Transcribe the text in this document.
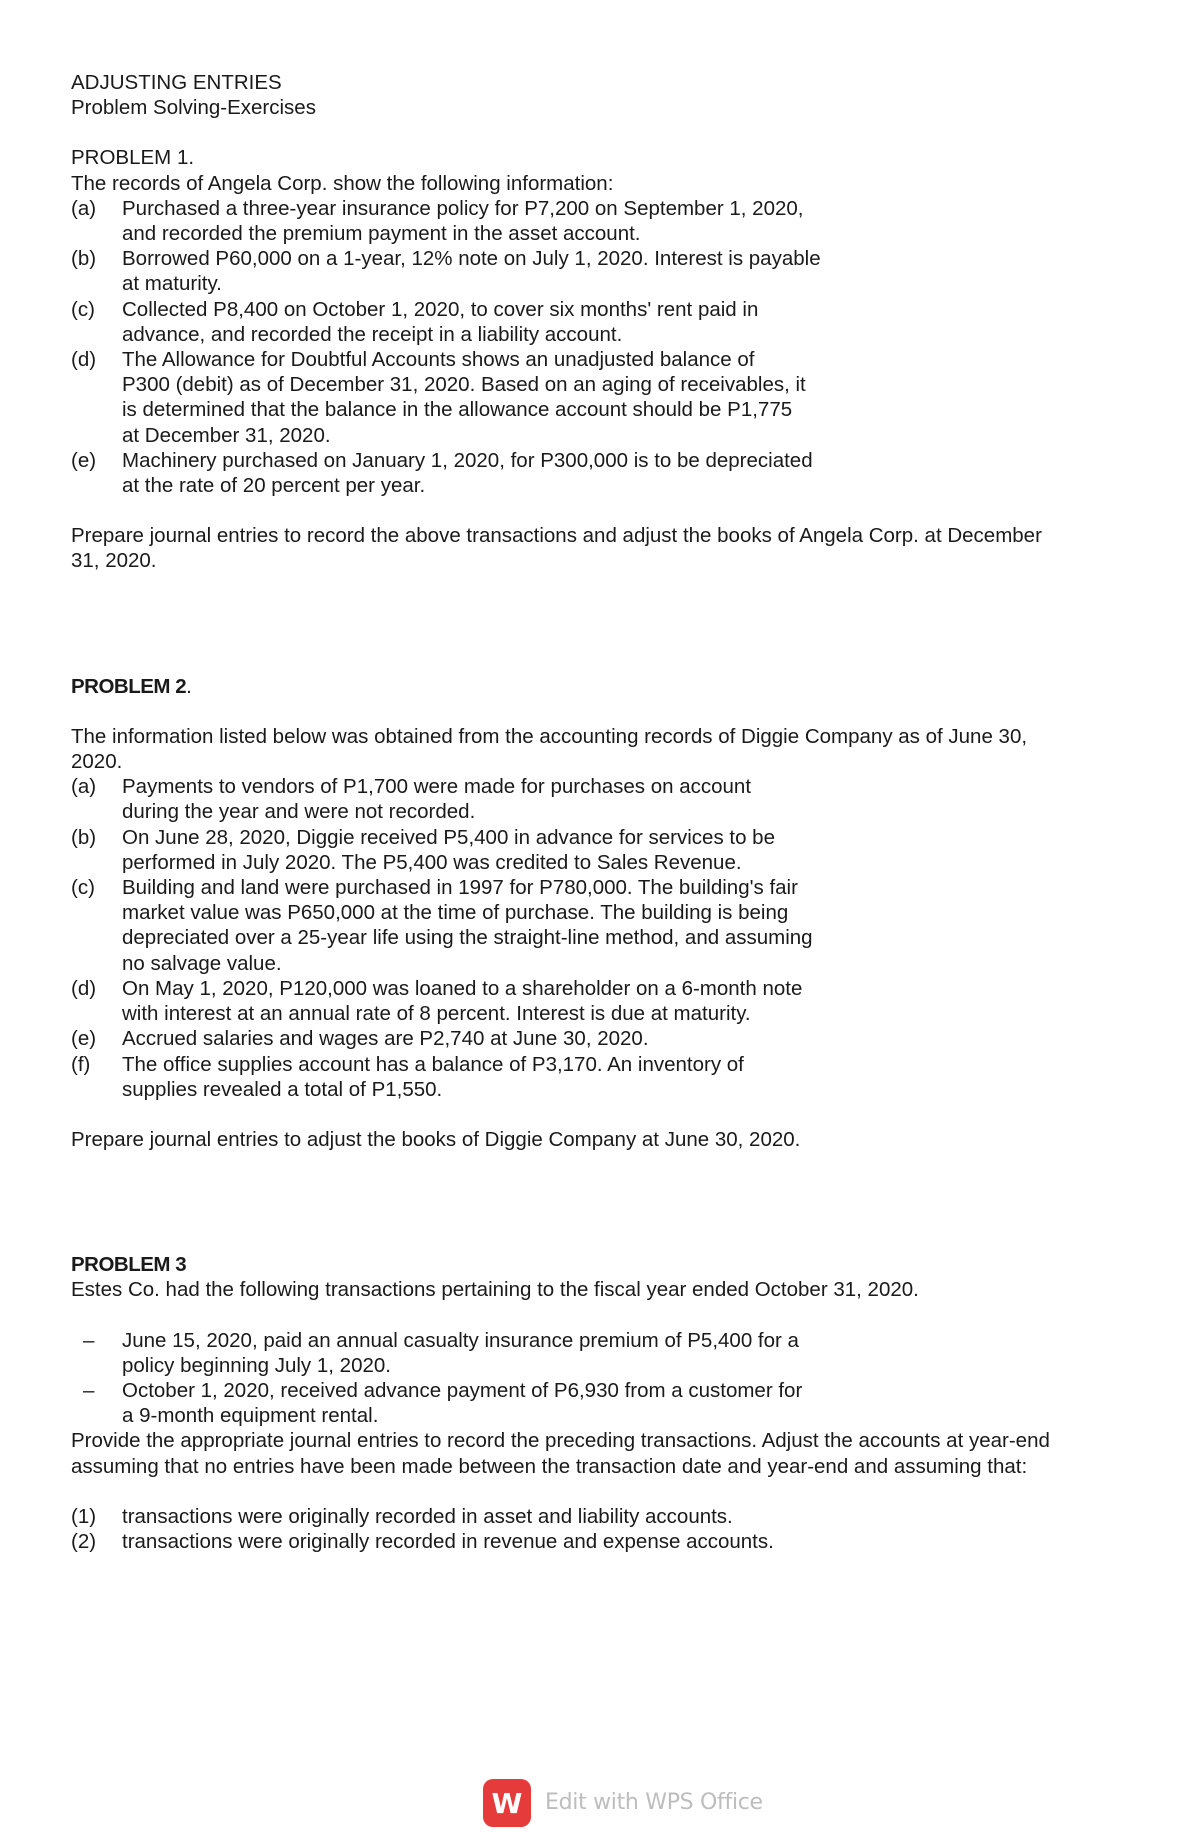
ADJUSTING ENTRIES
Problem Solving-Exercises
PROBLEM 1.
The records of Angela Corp. show the following information:
(a)	Purchased a three-year insurance policy for P7,200 on September 1, 2020,
and recorded the premium payment in the asset account.
(b)	Borrowed P60,000 on a 1-year, 12% note on July 1, 2020. Interest is payable
at maturity.
(c)	Collected P8,400 on October 1, 2020, to cover six months' rent paid in
advance, and recorded the receipt in a liability account.
(d)	The Allowance for Doubtful Accounts shows an unadjusted balance of
P300 (debit) as of December 31, 2020. Based on an aging of receivables, it
is determined that the balance in the allowance account should be P1,775
at December 31, 2020.
(e)	Machinery purchased on January 1, 2020, for P300,000 is to be depreciated
at the rate of 20 percent per year.
Prepare journal entries to record the above transactions and adjust the books of Angela Corp. at December
31, 2020.
PROBLEM 2.
The information listed below was obtained from the accounting records of Diggie Company as of June 30,
2020.
(a)	Payments to vendors of P1,700 were made for purchases on account
during the year and were not recorded.
(b)	On June 28, 2020, Diggie received P5,400 in advance for services to be
performed in July 2020. The P5,400 was credited to Sales Revenue.
(c)	Building and land were purchased in 1997 for P780,000. The building's fair
market value was P650,000 at the time of purchase. The building is being
depreciated over a 25-year life using the straight-line method, and assuming
no salvage value.
(d)	On May 1, 2020, P120,000 was loaned to a shareholder on a 6-month note
with interest at an annual rate of 8 percent. Interest is due at maturity.
(e)	Accrued salaries and wages are P2,740 at June 30, 2020.
(f)	The office supplies account has a balance of P3,170. An inventory of
supplies revealed a total of P1,550.
Prepare journal entries to adjust the books of Diggie Company at June 30, 2020.
PROBLEM 3
Estes Co. had the following transactions pertaining to the fiscal year ended October 31, 2020.
–	June 15, 2020, paid an annual casualty insurance premium of P5,400 for a
policy beginning July 1, 2020.
–	October 1, 2020, received advance payment of P6,930 from a customer for
a 9-month equipment rental.
Provide the appropriate journal entries to record the preceding transactions. Adjust the accounts at year-end
assuming that no entries have been made between the transaction date and year-end and assuming that:
(1)	transactions were originally recorded in asset and liability accounts.
(2)	transactions were originally recorded in revenue and expense accounts.
W Edit with WPS Office
